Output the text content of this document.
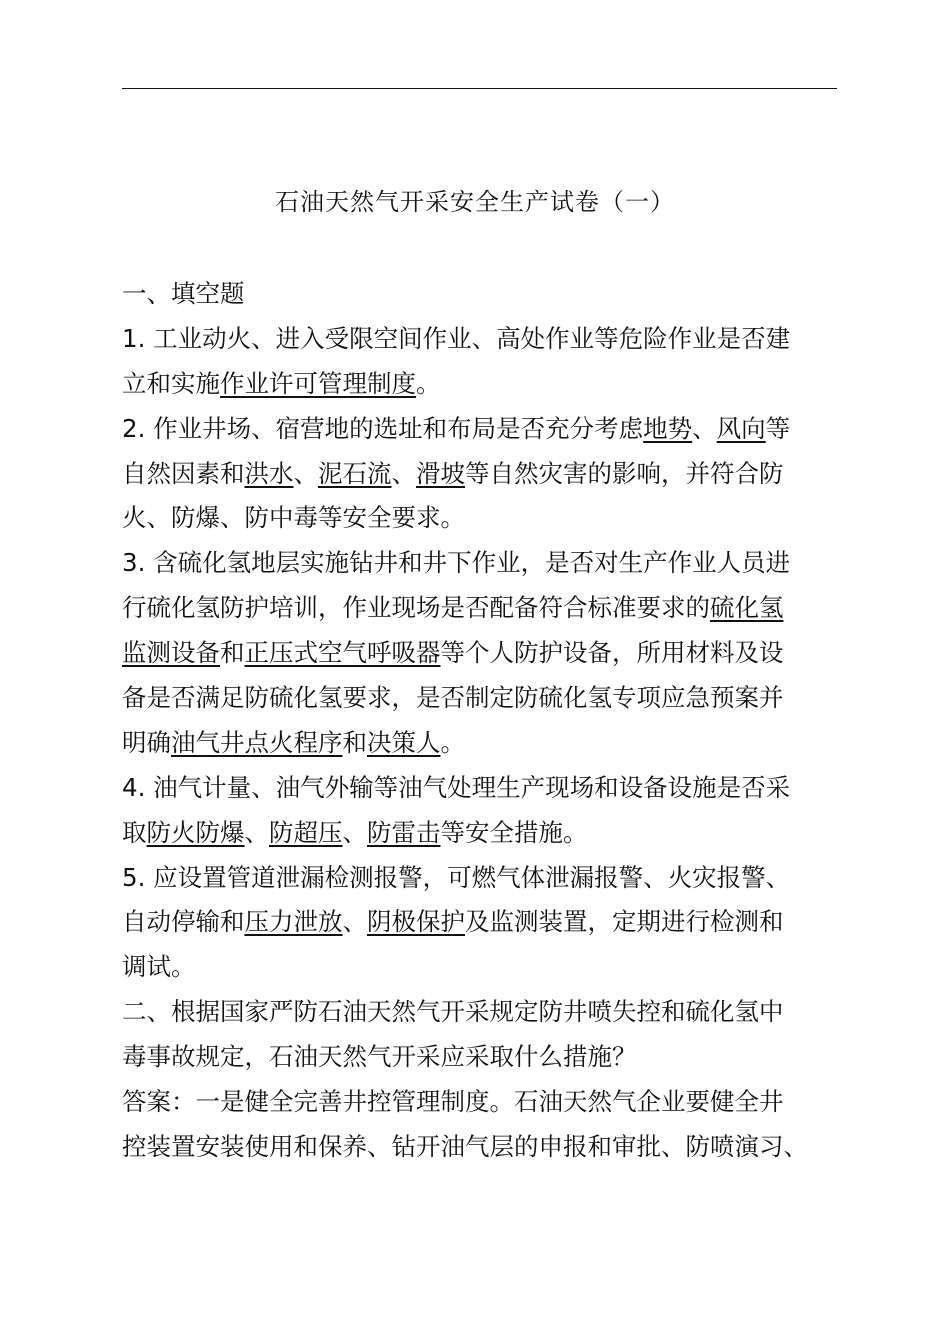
石油天然气开采安全生产试卷（一）
一、填空题
1. 工业动火、进入受限空间作业、高处作业等危险作业是否建
立和实施作业许可管理制度。
2. 作业井场、宿营地的选址和布局是否充分考虑地势、风向等
自然因素和洪水、泥石流、滑坡等自然灾害的影响，并符合防
火、防爆、防中毒等安全要求。
3. 含硫化氢地层实施钻井和井下作业，是否对生产作业人员进
行硫化氢防护培训，作业现场是否配备符合标准要求的硫化氢
监测设备和正压式空气呼吸器等个人防护设备，所用材料及设
备是否满足防硫化氢要求，是否制定防硫化氢专项应急预案并
明确油气井点火程序和决策人。
4. 油气计量、油气外输等油气处理生产现场和设备设施是否采
取防火防爆、防超压、防雷击等安全措施。
5. 应设置管道泄漏检测报警，可燃气体泄漏报警、火灾报警、
自动停输和压力泄放、阴极保护及监测装置，定期进行检测和
调试。
二、根据国家严防石油天然气开采规定防井喷失控和硫化氢中
毒事故规定，石油天然气开采应采取什么措施？
答案：一是健全完善井控管理制度。石油天然气企业要健全井
控装置安装使用和保养、钻开油气层的申报和审批、防喷演习、
